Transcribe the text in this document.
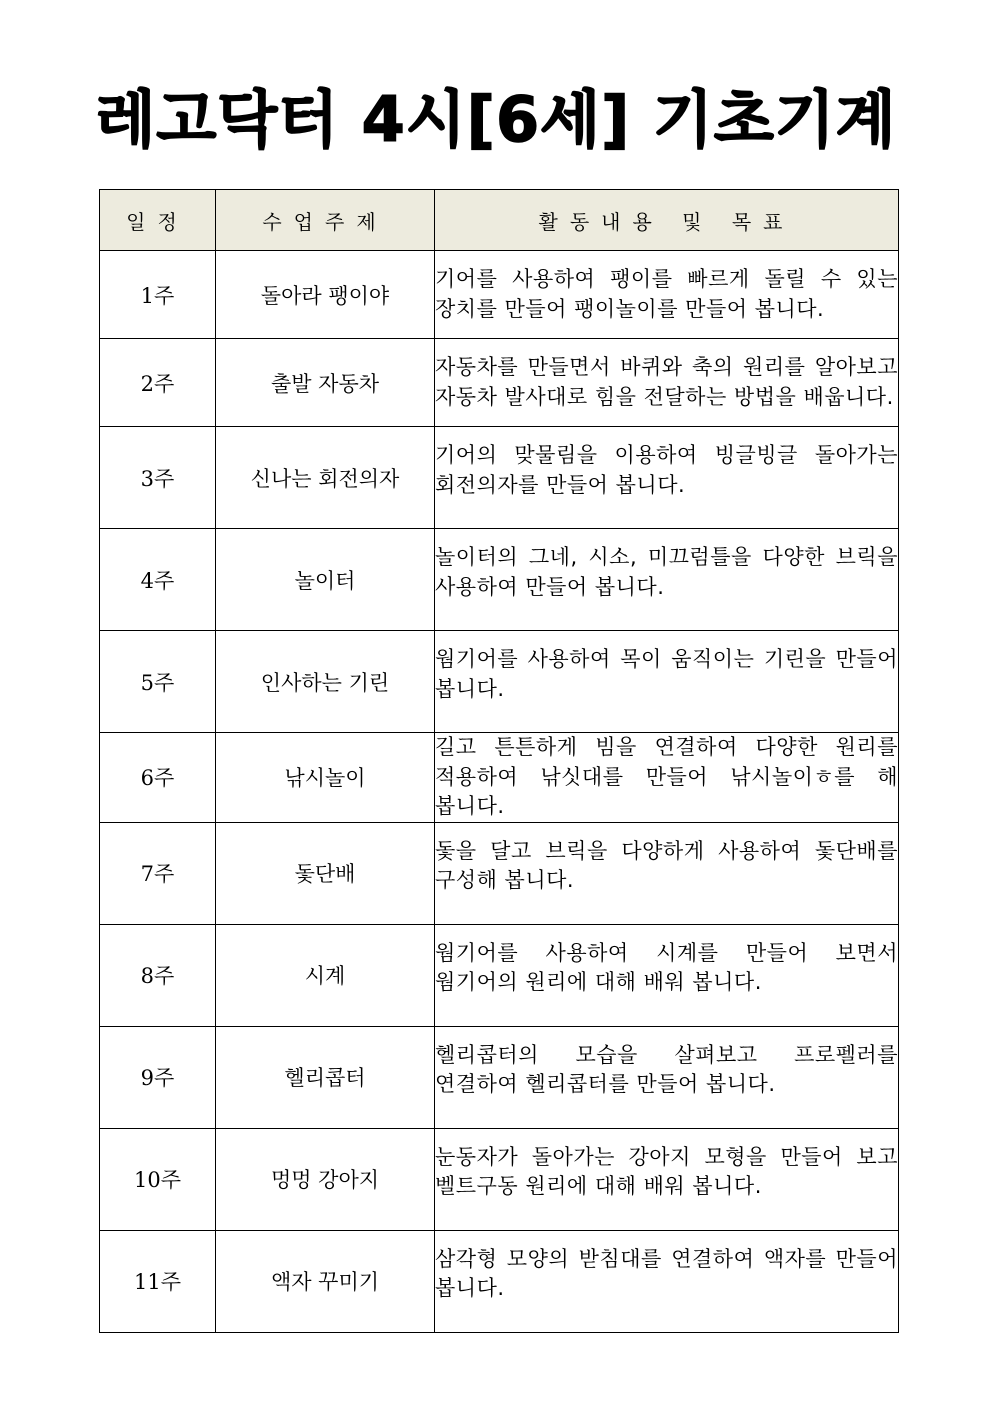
레고닥터 4시[6세] 기초기계
일정	수업주제	활동내용 및 목표
1주	돌아라 팽이야	기어를 사용하여 팽이를 빠르게 돌릴 수 있는 장치를 만들어 팽이놀이를 만들어 봅니다.
2주	출발 자동차	자동차를 만들면서 바퀴와 축의 원리를 알아보고 자동차 발사대로 힘을 전달하는 방법을 배웁니다.
3주	신나는 회전의자	기어의 맞물림을 이용하여 빙글빙글 돌아가는 회전의자를 만들어 봅니다.
4주	놀이터	놀이터의 그네, 시소, 미끄럼틀을 다양한 브릭을 사용하여 만들어 봅니다.
5주	인사하는 기린	웜기어를 사용하여 목이 움직이는 기린을 만들어 봅니다.
6주	낚시놀이	길고 튼튼하게 빔을 연결하여 다양한 원리를 적용하여 낚싯대를 만들어 낚시놀이ㅎ를 해 봅니다.
7주	돛단배	돛을 달고 브릭을 다양하게 사용하여 돛단배를 구성해 봅니다.
8주	시계	웜기어를 사용하여 시계를 만들어 보면서 웜기어의 원리에 대해 배워 봅니다.
9주	헬리콥터	헬리콥터의 모습을 살펴보고 프로펠러를 연결하여 헬리콥터를 만들어 봅니다.
10주	멍멍 강아지	눈동자가 돌아가는 강아지 모형을 만들어 보고 벨트구동 원리에 대해 배워 봅니다.
11주	액자 꾸미기	삼각형 모양의 받침대를 연결하여 액자를 만들어 봅니다.
